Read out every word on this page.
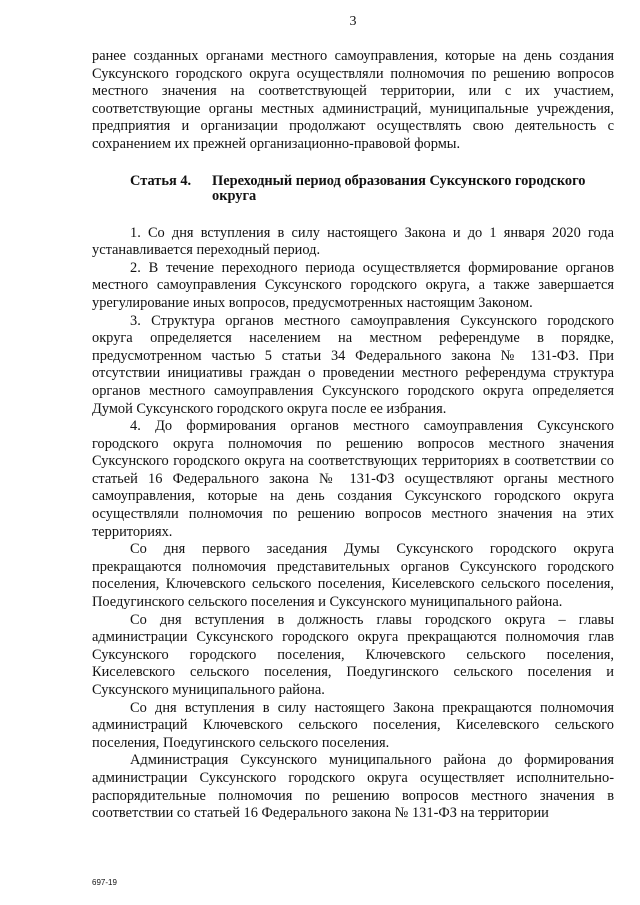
3

ранее созданных органами местного самоуправления, которые на день создания Суксунского городского округа осуществляли полномочия по решению вопросов местного значения на соответствующей территории, или с их участием, соответствующие органы местных администраций, муниципальные учреждения, предприятия и организации продолжают осуществлять свою деятельность с сохранением их прежней организационно-правовой формы.

Статья 4.	Переходный период образования Суксунского городского округа

1. Со дня вступления в силу настоящего Закона и до 1 января 2020 года устанавливается переходный период.

2. В течение переходного периода осуществляется формирование органов местного самоуправления Суксунского городского округа, а также завершается урегулирование иных вопросов, предусмотренных настоящим Законом.

3. Структура органов местного самоуправления Суксунского городского округа определяется населением на местном референдуме в порядке, предусмотренном частью 5 статьи 34 Федерального закона № 131-ФЗ. При отсутствии инициативы граждан о проведении местного референдума структура органов местного самоуправления Суксунского городского округа определяется Думой Суксунского городского округа после ее избрания.

4. До формирования органов местного самоуправления Суксунского городского округа полномочия по решению вопросов местного значения Суксунского городского округа на соответствующих территориях в соответствии со статьей 16 Федерального закона № 131-ФЗ осуществляют органы местного самоуправления, которые на день создания Суксунского городского округа осуществляли полномочия по решению вопросов местного значения на этих территориях.

Со дня первого заседания Думы Суксунского городского округа прекращаются полномочия представительных органов Суксунского городского поселения, Ключевского сельского поселения, Киселевского сельского поселения, Поедугинского сельского поселения и Суксунского муниципального района.

Со дня вступления в должность главы городского округа – главы администрации Суксунского городского округа прекращаются полномочия глав Суксунского городского поселения, Ключевского сельского поселения, Киселевского сельского поселения, Поедугинского сельского поселения и Суксунского муниципального района.

Со дня вступления в силу настоящего Закона прекращаются полномочия администраций Ключевского сельского поселения, Киселевского сельского поселения, Поедугинского сельского поселения.

Администрация Суксунского муниципального района до формирования администрации Суксунского городского округа осуществляет исполнительно-распорядительные полномочия по решению вопросов местного значения в соответствии со статьей 16 Федерального закона № 131-ФЗ на территории

697-19
